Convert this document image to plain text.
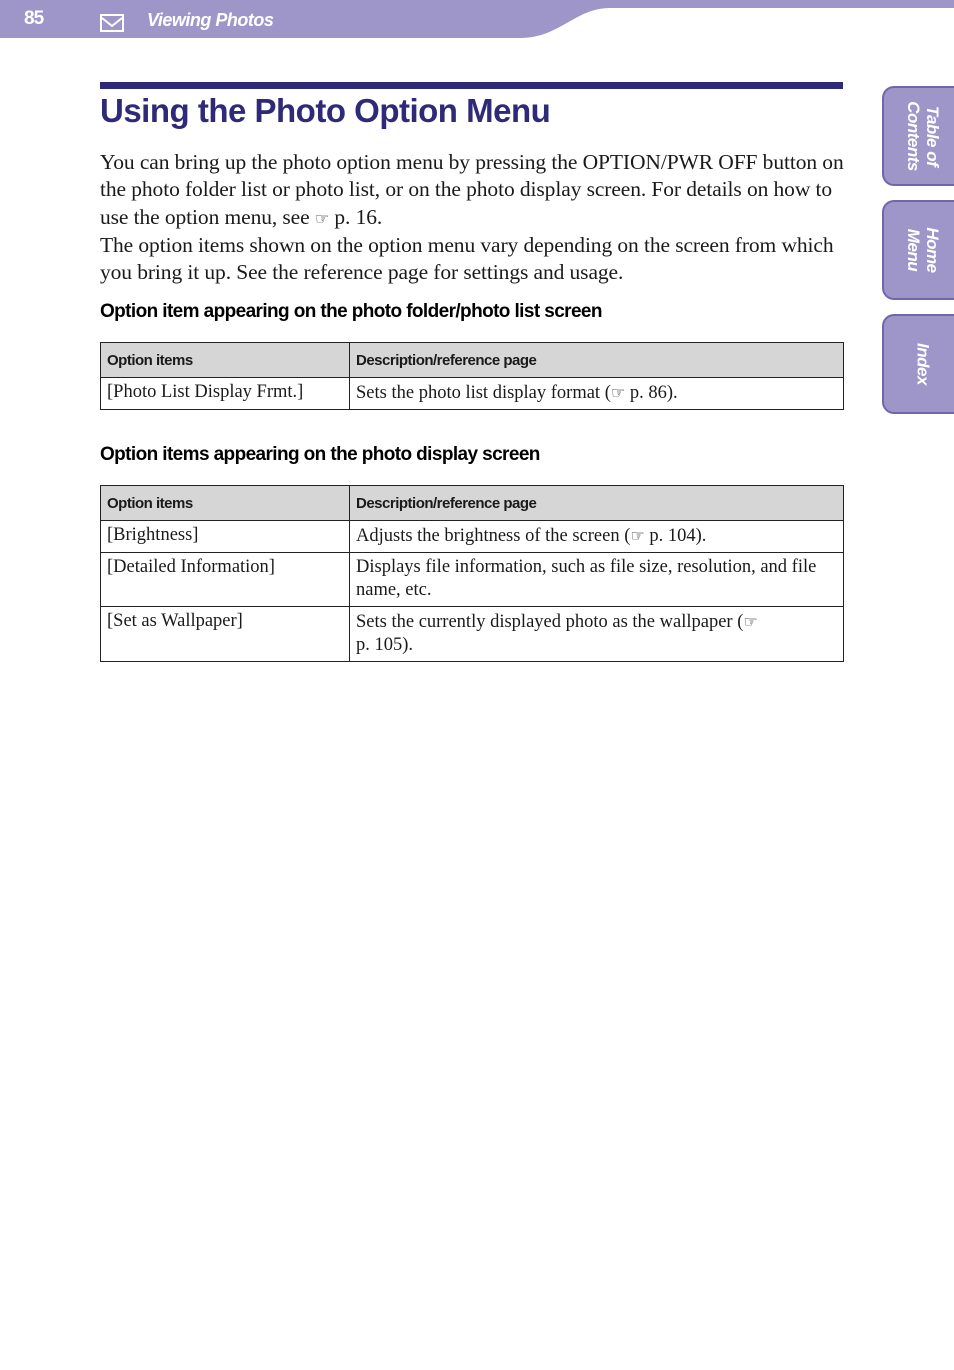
85	Viewing Photos
Table of
Contents
Home
Menu
Index
Using the Photo Option Menu

You can bring up the photo option menu by pressing the OPTION/PWR OFF button on the photo folder list or photo list, or on the photo display screen. For details on how to use the option menu, see ☞ p. 16.
The option items shown on the option menu vary depending on the screen from which you bring it up. See the reference page for settings and usage.

Option item appearing on the photo folder/photo list screen
Option items	Description/reference page
[Photo List Display Frmt.]	Sets the photo list display format (☞ p. 86).
Option items appearing on the photo display screen
Option items	Description/reference page
[Brightness]	Adjusts the brightness of the screen (☞ p. 104).
[Detailed Information]	Displays file information, such as file size, resolution, and file name, etc.
[Set as Wallpaper]	Sets the currently displayed photo as the wallpaper (☞
p. 105).
